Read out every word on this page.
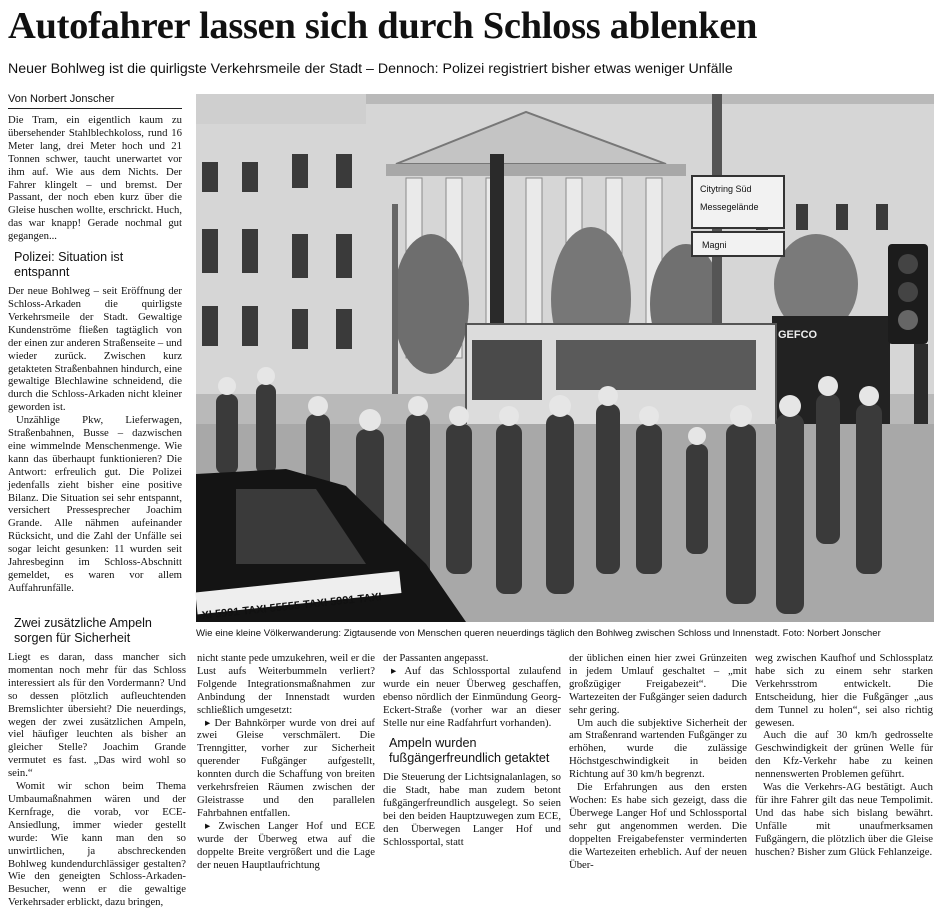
Autofahrer lassen sich durch Schloss ablenken
Neuer Bohlweg ist die quirligste Verkehrsmeile der Stadt – Dennoch: Polizei registriert bisher etwas weniger Unfälle
Von Norbert Jonscher

Die Tram, ein eigentlich kaum zu übersehender Stahlblechkoloss, rund 16 Meter lang, drei Meter hoch und 21 Tonnen schwer, taucht unerwartet vor ihm auf. Wie aus dem Nichts. Der Fahrer klingelt – und bremst. Der Passant, der noch eben kurz über die Gleise huschen wollte, erschrickt. Huch, das war knapp! Gerade nochmal gut gegangen...

Polizei: Situation ist entspannt

Der neue Bohlweg – seit Eröffnung der Schloss-Arkaden die quirligste Verkehrsmeile der Stadt. Gewaltige Kundenströme fließen tagtäglich von der einen zur anderen Straßenseite – und wieder zurück. Zwischen kurz getakteten Straßenbahnen hindurch, eine gewaltige Blechlawine schneidend, die durch die Schloss-Arkaden nicht kleiner geworden ist.

Unzählige Pkw, Lieferwagen, Straßenbahnen, Busse – dazwischen eine wimmelnde Menschenmenge. Wie kann das überhaupt funktionieren? Die Antwort: erfreulich gut. Die Polizei jedenfalls zieht bisher eine positive Bilanz. Die Situation sei sehr entspannt, versichert Pressesprecher Joachim Grande. Alle nähmen aufeinander Rücksicht, und die Zahl der Unfälle sei sogar leicht gesunken: 11 wurden seit Jahresbeginn im Schloss-Abschnitt gemeldet, es waren vor allem Auffahrunfälle.

Zwei zusätzliche Ampeln sorgen für Sicherheit

Liegt es daran, dass mancher sich momentan noch mehr für das Schloss interessiert als für den Vordermann? Und so dessen plötzlich aufleuchtenden Bremslichter übersieht? Die neuerdings, wegen der zwei zusätzlichen Ampeln, viel häufiger leuchten als bisher an gleicher Stelle? Joachim Grande vermutet es fast. „Das wird wohl so sein.“

Womit wir schon beim Thema Umbaumaßnahmen wären und der Kernfrage, die vorab, vor ECE-Ansiedlung, immer wieder gestellt wurde: Wie kann man den so unwirtlichen, ja abschreckenden Bohlweg kundendurchlässiger gestalten? Wie den geneigten Schloss-Arkaden-Besucher, wenn er die gewaltige Verkehrsader erblickt, dazu bringen,

Citytring Süd
Messegelände
Magni
GEFCO
XI 5991 TAXI 55555 TAXI 5991 TAXI
Wie eine kleine Völkerwanderung: Zigtausende von Menschen queren neuerdings täglich den Bohlweg zwischen Schloss und Innenstadt. Foto: Norbert Jonscher

nicht stante pede umzukehren, weil er die Lust aufs Weiterbummeln verliert? Folgende Integrationsmaßnahmen zur Anbindung der Innenstadt wurden schließlich umgesetzt:

▸ Der Bahnkörper wurde von drei auf zwei Gleise verschmälert. Die Trenngitter, vorher zur Sicherheit querender Fußgänger aufgestellt, konnten durch die Schaffung von breiten verkehrsfreien Räumen zwischen der Gleistrasse und den parallelen Fahrbahnen entfallen.

▸ Zwischen Langer Hof und ECE wurde der Überweg etwa auf die doppelte Breite vergrößert und die Lage der neuen Hauptlaufrichtung

der Passanten angepasst.

▸ Auf das Schlossportal zulaufend wurde ein neuer Überweg geschaffen, ebenso nördlich der Einmündung Georg-Eckert-Straße (vorher war an dieser Stelle nur eine Radfahrfurt vorhanden).

Ampeln wurden fußgängerfreundlich getaktet

Die Steuerung der Lichtsignalanlagen, so die Stadt, habe man zudem betont fußgängerfreundlich ausgelegt. So seien bei den beiden Hauptzuwegen zum ECE, den Überwegen Langer Hof und Schlossportal, statt

der üblichen einen hier zwei Grünzeiten in jedem Umlauf geschaltet – „mit großzügiger Freigabezeit“. Die Wartezeiten der Fußgänger seien dadurch sehr gering.

Um auch die subjektive Sicherheit der am Straßenrand wartenden Fußgänger zu erhöhen, wurde die zulässige Höchstgeschwindigkeit in beiden Richtung auf 30 km/h begrenzt.

Die Erfahrungen aus den ersten Wochen: Es habe sich gezeigt, dass die Überwege Langer Hof und Schlossportal sehr gut angenommen werden. Die doppelten Freigabefenster verminderten die Wartezeiten erheblich. Auf der neuen Über-

weg zwischen Kaufhof und Schlossplatz habe sich zu einem sehr starken Verkehrsstrom entwickelt. Die Entscheidung, hier die Fußgänger „aus dem Tunnel zu holen“, sei also richtig gewesen.

Auch die auf 30 km/h gedrosselte Geschwindigkeit der grünen Welle für den Kfz-Verkehr habe zu keinen nennenswerten Problemen geführt.

Was die Verkehrs-AG bestätigt. Auch für ihre Fahrer gilt das neue Tempolimit. Und das habe sich bislang bewährt. Unfälle mit unaufmerksamen Fußgängern, die plötzlich über die Gleise huschen? Bisher zum Glück Fehlanzeige.
